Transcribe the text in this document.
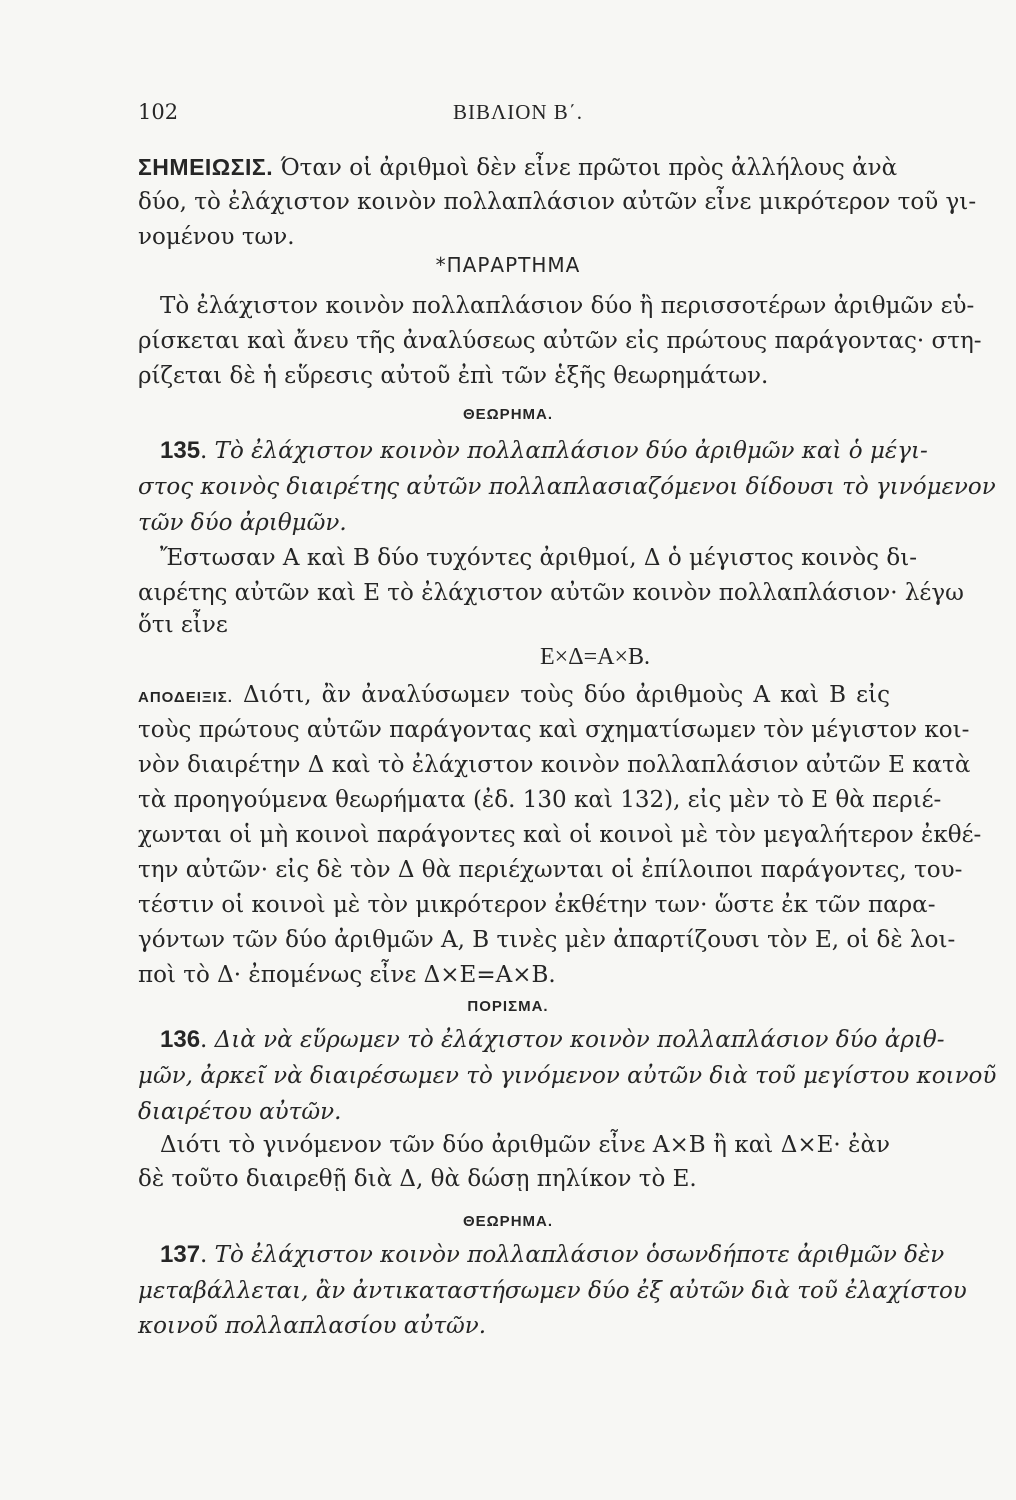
102	ΒΙΒΛΙΟΝ Β΄.
ΣΗΜΕΙΩΣΙΣ. Όταν οἱ ἀριθμοὶ δὲν εἶνε πρῶτοι πρὸς ἀλλήλους ἀνὰ
δύο, τὸ ἐλάχιστον κοινὸν πολλαπλάσιον αὐτῶν εἶνε μικρότερον τοῦ γι-
νομένου των.
*ΠΑΡΑΡΤΗΜΑ
Τὸ ἐλάχιστον κοινὸν πολλαπλάσιον δύο ἢ περισσοτέρων ἀριθμῶν εὑ-
ρίσκεται καὶ ἄνευ τῆς ἀναλύσεως αὐτῶν εἰς πρώτους παράγοντας· στη-
ρίζεται δὲ ἡ εὕρεσις αὐτοῦ ἐπὶ τῶν ἑξῆς θεωρημάτων.
ΘΕΩΡΗΜΑ.
135. Τὸ ἐλάχιστον κοινὸν πολλαπλάσιον δύο ἀριθμῶν καὶ ὁ μέγι-
στος κοινὸς διαιρέτης αὐτῶν πολλαπλασιαζόμενοι δίδουσι τὸ γινόμενον
τῶν δύο ἀριθμῶν.
Ἔστωσαν Α καὶ Β δύο τυχόντες ἀριθμοί, Δ ὁ μέγιστος κοινὸς δι-
αιρέτης αὐτῶν καὶ Ε τὸ ἐλάχιστον αὐτῶν κοινὸν πολλαπλάσιον· λέγω
ὅτι εἶνε
Ε×Δ=Α×Β.
ΑΠΟΔΕΙΞΙΣ. Διότι, ἂν ἀναλύσωμεν τοὺς δύο ἀριθμοὺς Α καὶ Β εἰς
τοὺς πρώτους αὐτῶν παράγοντας καὶ σχηματίσωμεν τὸν μέγιστον κοι-
νὸν διαιρέτην Δ καὶ τὸ ἐλάχιστον κοινὸν πολλαπλάσιον αὐτῶν Ε κατὰ
τὰ προηγούμενα θεωρήματα (ἐδ. 130 καὶ 132), εἰς μὲν τὸ Ε θὰ περιέ-
χωνται οἱ μὴ κοινοὶ παράγοντες καὶ οἱ κοινοὶ μὲ τὸν μεγαλήτερον ἐκθέ-
την αὐτῶν· εἰς δὲ τὸν Δ θὰ περιέχωνται οἱ ἐπίλοιποι παράγοντες, του-
τέστιν οἱ κοινοὶ μὲ τὸν μικρότερον ἐκθέτην των· ὥστε ἐκ τῶν παρα-
γόντων τῶν δύο ἀριθμῶν Α, Β τινὲς μὲν ἀπαρτίζουσι τὸν Ε, οἱ δὲ λοι-
ποὶ τὸ Δ· ἐπομένως εἶνε Δ×Ε=Α×Β.
ΠΟΡΙΣΜΑ.
136. Διὰ νὰ εὕρωμεν τὸ ἐλάχιστον κοινὸν πολλαπλάσιον δύο ἀριθ-
μῶν, ἀρκεῖ νὰ διαιρέσωμεν τὸ γινόμενον αὐτῶν διὰ τοῦ μεγίστου κοινοῦ
διαιρέτου αὐτῶν.
Διότι τὸ γινόμενον τῶν δύο ἀριθμῶν εἶνε Α×Β ἢ καὶ Δ×Ε· ἐὰν
δὲ τοῦτο διαιρεθῇ διὰ Δ, θὰ δώσῃ πηλίκον τὸ Ε.
ΘΕΩΡΗΜΑ.
137. Τὸ ἐλάχιστον κοινὸν πολλαπλάσιον ὁσωνδήποτε ἀριθμῶν δὲν
μεταβάλλεται, ἂν ἀντικαταστήσωμεν δύο ἐξ αὐτῶν διὰ τοῦ ἐλαχίστου
κοινοῦ πολλαπλασίου αὐτῶν.
